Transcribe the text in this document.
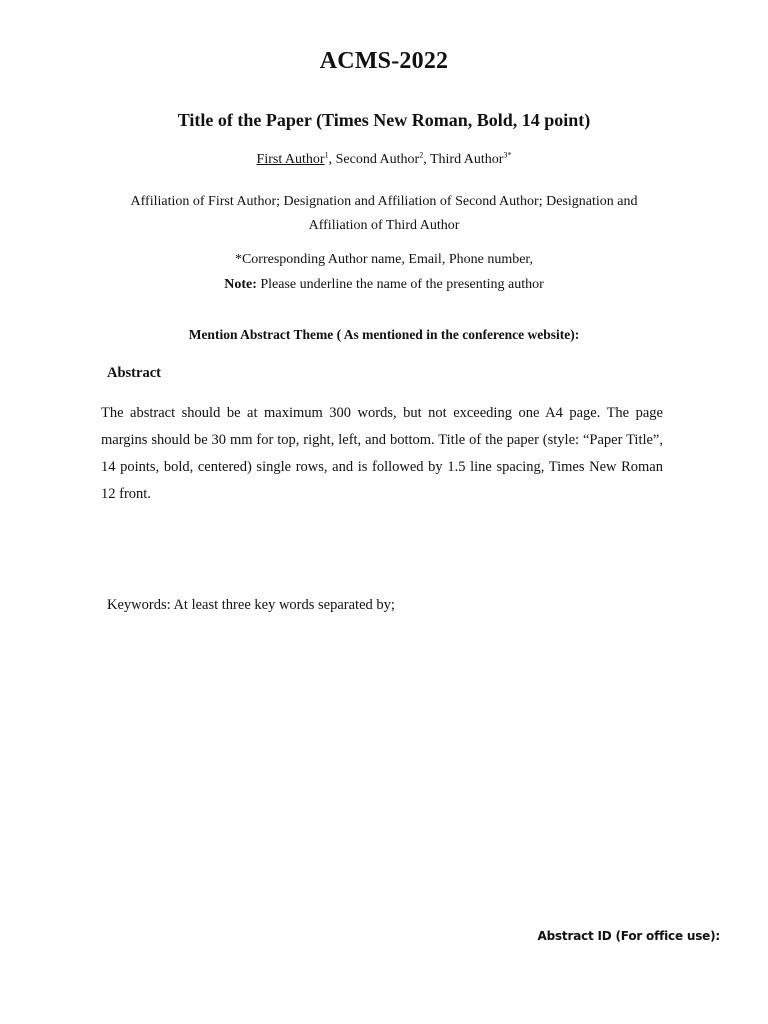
ACMS-2022
Title of the Paper (Times New Roman, Bold, 14 point)
First Author$^1$, Second Author$^2$, Third Author$^{3*}$
Affiliation of First Author; Designation and Affiliation of Second Author; Designation and Affiliation of Third Author
*Corresponding Author name, Email, Phone number,
Note: Please underline the name of the presenting author
Mention Abstract Theme ( As mentioned in the conference website):
Abstract
The abstract should be at maximum 300 words, but not exceeding one A4 page. The page margins should be 30 mm for top, right, left, and bottom. Title of the paper (style: “Paper Title”, 14 points, bold, centered) single rows, and is followed by 1.5 line spacing, Times New Roman 12 front.
Keywords: At least three key words separated by;
Abstract ID (For office use):
